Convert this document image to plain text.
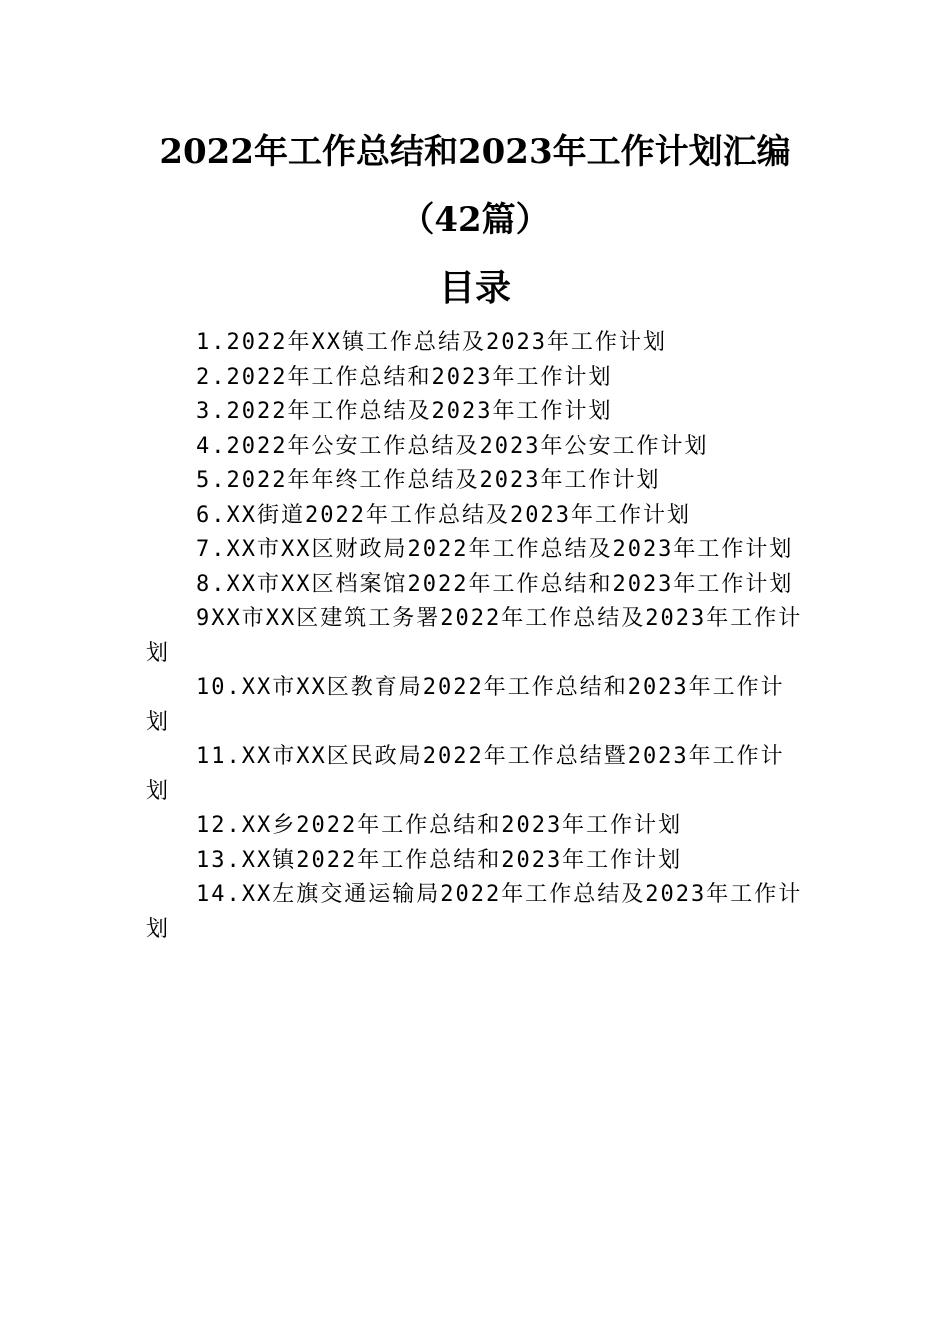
2022年工作总结和2023年工作计划汇编
（42篇）
目录
1.2022年XX镇工作总结及2023年工作计划
2.2022年工作总结和2023年工作计划
3.2022年工作总结及2023年工作计划
4.2022年公安工作总结及2023年公安工作计划
5.2022年年终工作总结及2023年工作计划
6.XX街道2022年工作总结及2023年工作计划
7.XX市XX区财政局2022年工作总结及2023年工作计划
8.XX市XX区档案馆2022年工作总结和2023年工作计划
9XX市XX区建筑工务署2022年工作总结及2023年工作计划
10.XX市XX区教育局2022年工作总结和2023年工作计划
11.XX市XX区民政局2022年工作总结暨2023年工作计划
12.XX乡2022年工作总结和2023年工作计划
13.XX镇2022年工作总结和2023年工作计划
14.XX左旗交通运输局2022年工作总结及2023年工作计划
